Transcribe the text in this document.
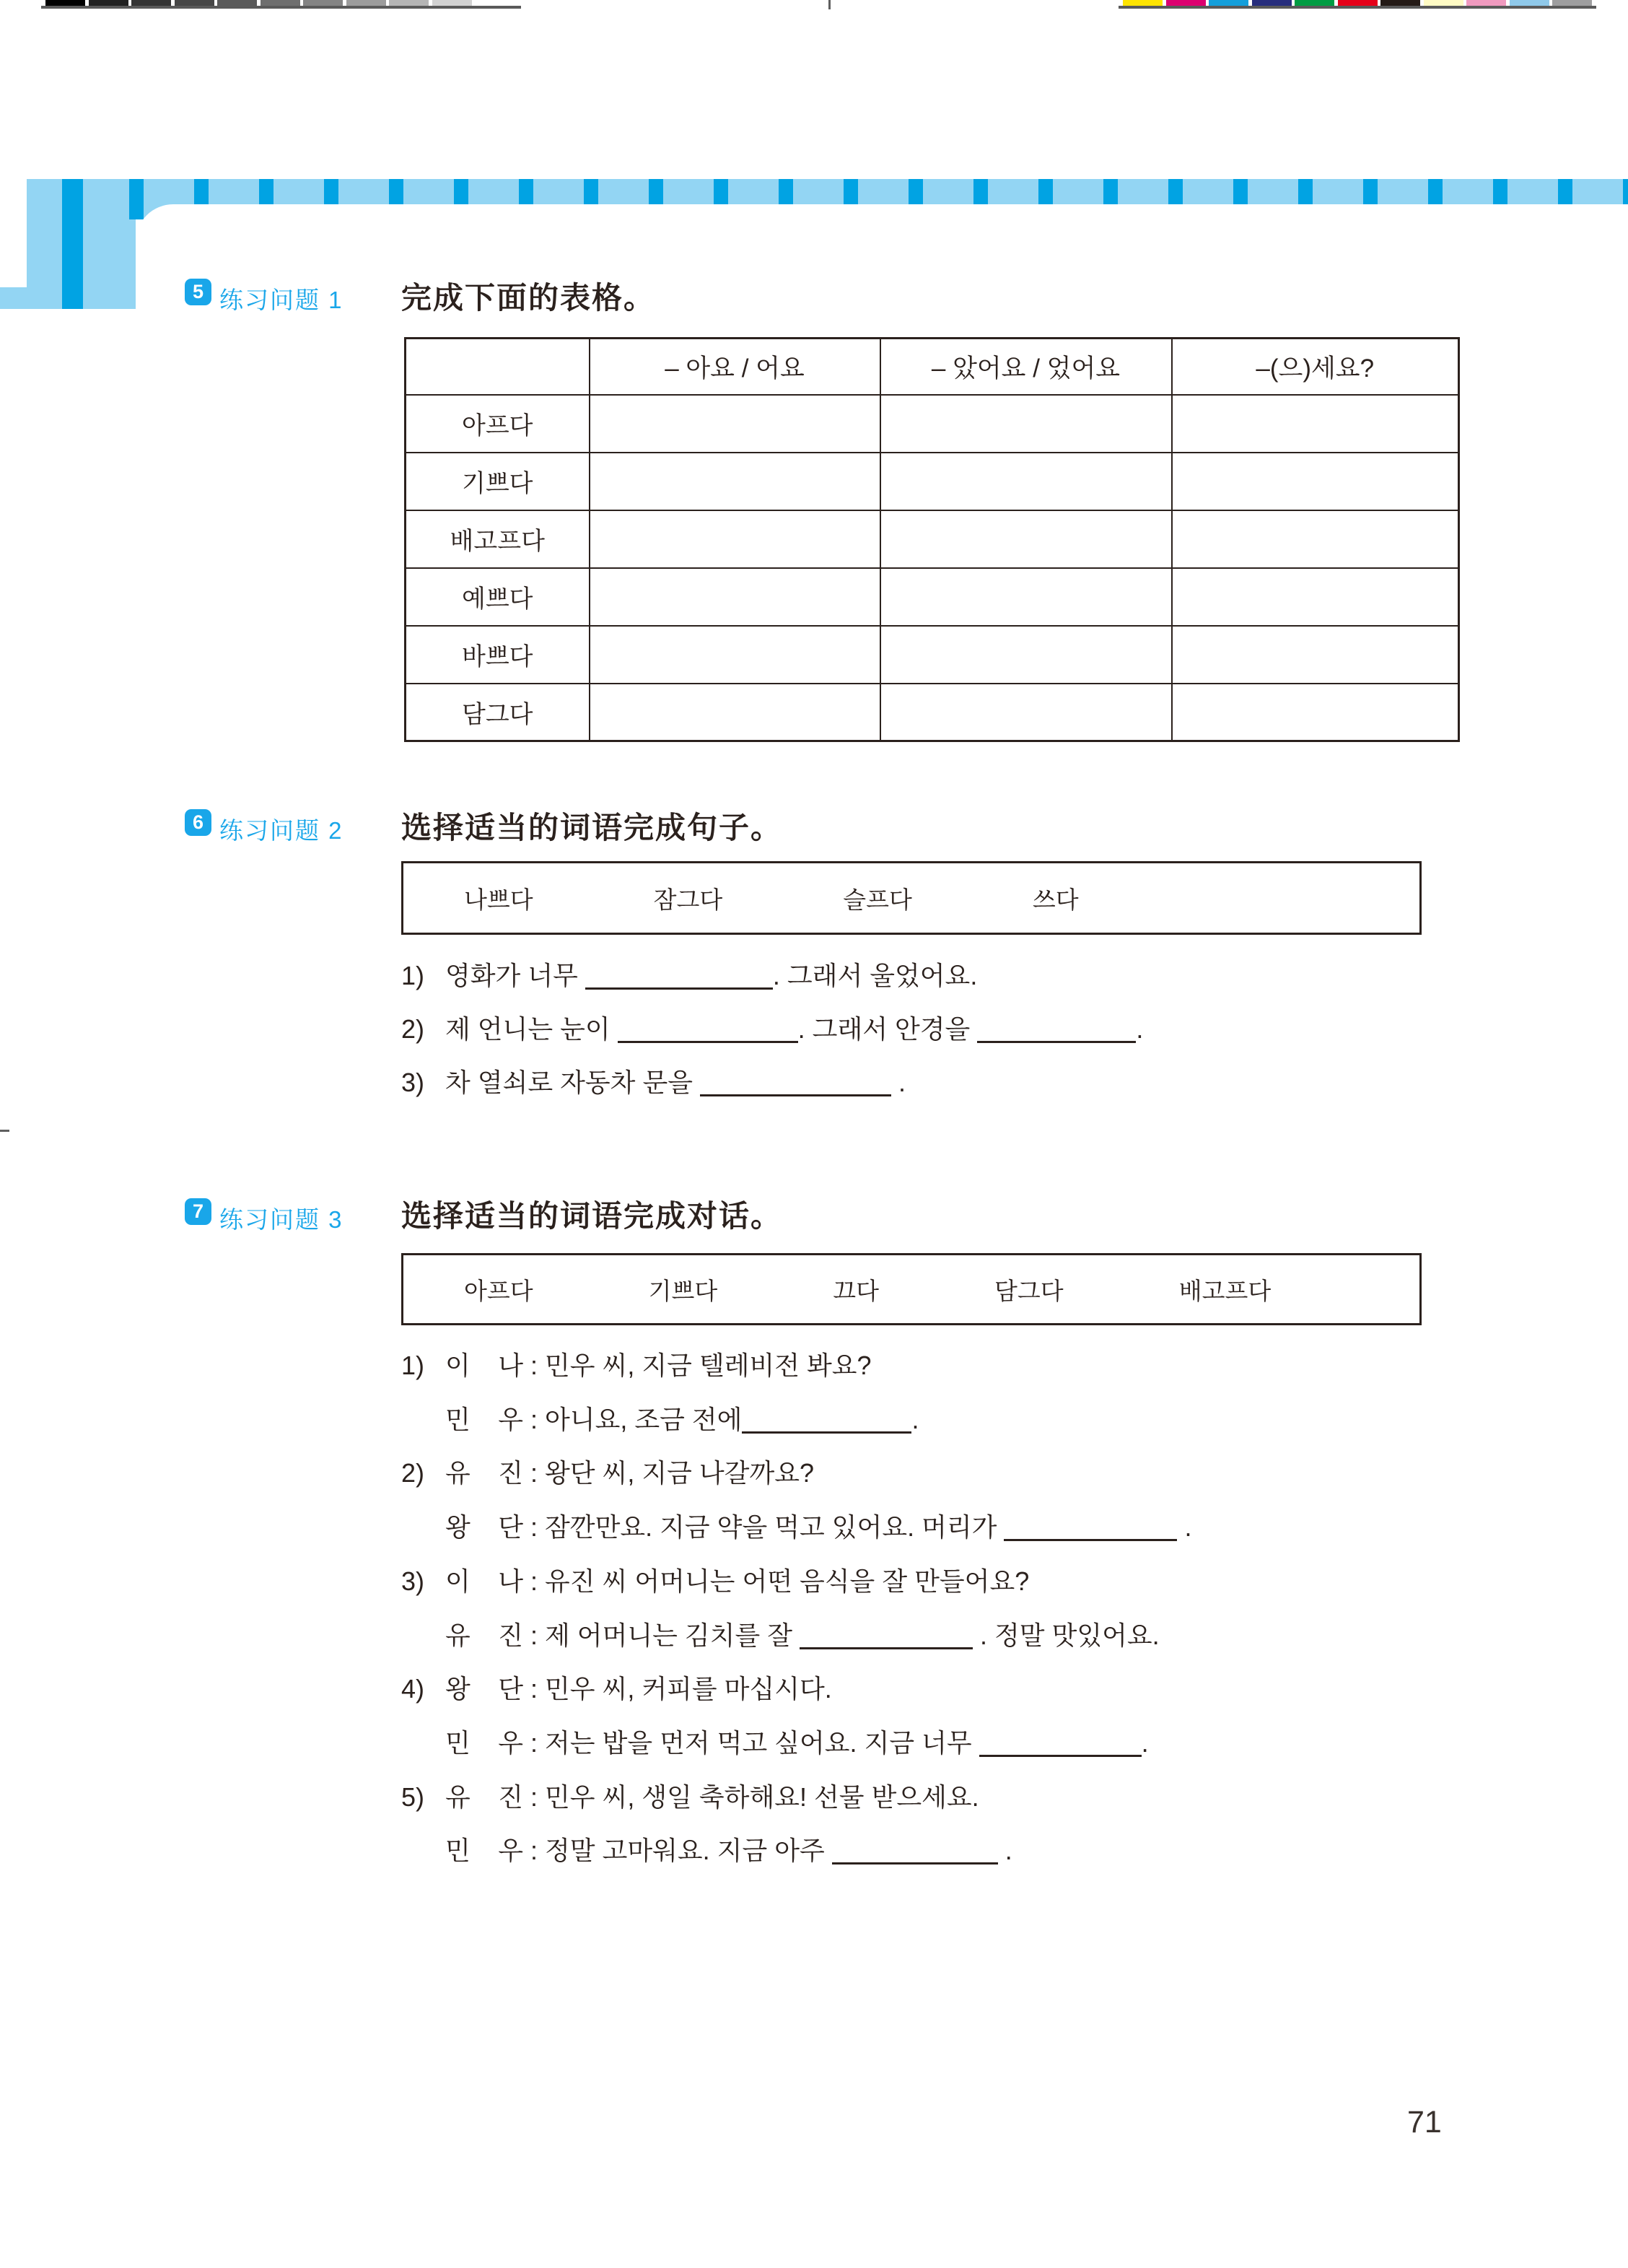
5 练习问题 1 完成下面的表格。
	– 아요 / 어요	– 았어요 / 었어요	–(으)세요?
아프다			
기쁘다			
배고프다			
예쁘다			
바쁘다			
담그다			
6 练习问题 2 选择适当的词语完成句子。
나쁘다	잠그다	슬프다	쓰다
1) 영화가 너무	. 그래서 울었어요.
2) 제 언니는 눈이	. 그래서 안경을	.
3) 차 열쇠로 자동차 문을	.
7 练习问题 3 选择适当的词语完成对话。
아프다	기쁘다	끄다	담그다	배고프다
1) 이 나 : 민우 씨, 지금 텔레비전 봐요?
민 우 : 아니요, 조금 전에	.
2) 유 진 : 왕단 씨, 지금 나갈까요?
왕 단 : 잠깐만요. 지금 약을 먹고 있어요. 머리가	.
3) 이 나 : 유진 씨 어머니는 어떤 음식을 잘 만들어요?
유 진 : 제 어머니는 김치를 잘	. 정말 맛있어요.
4) 왕 단 : 민우 씨, 커피를 마십시다.
민 우 : 저는 밥을 먼저 먹고 싶어요. 지금 너무	.
5) 유 진 : 민우 씨, 생일 축하해요! 선물 받으세요.
민 우 : 정말 고마워요. 지금 아주	.
71
